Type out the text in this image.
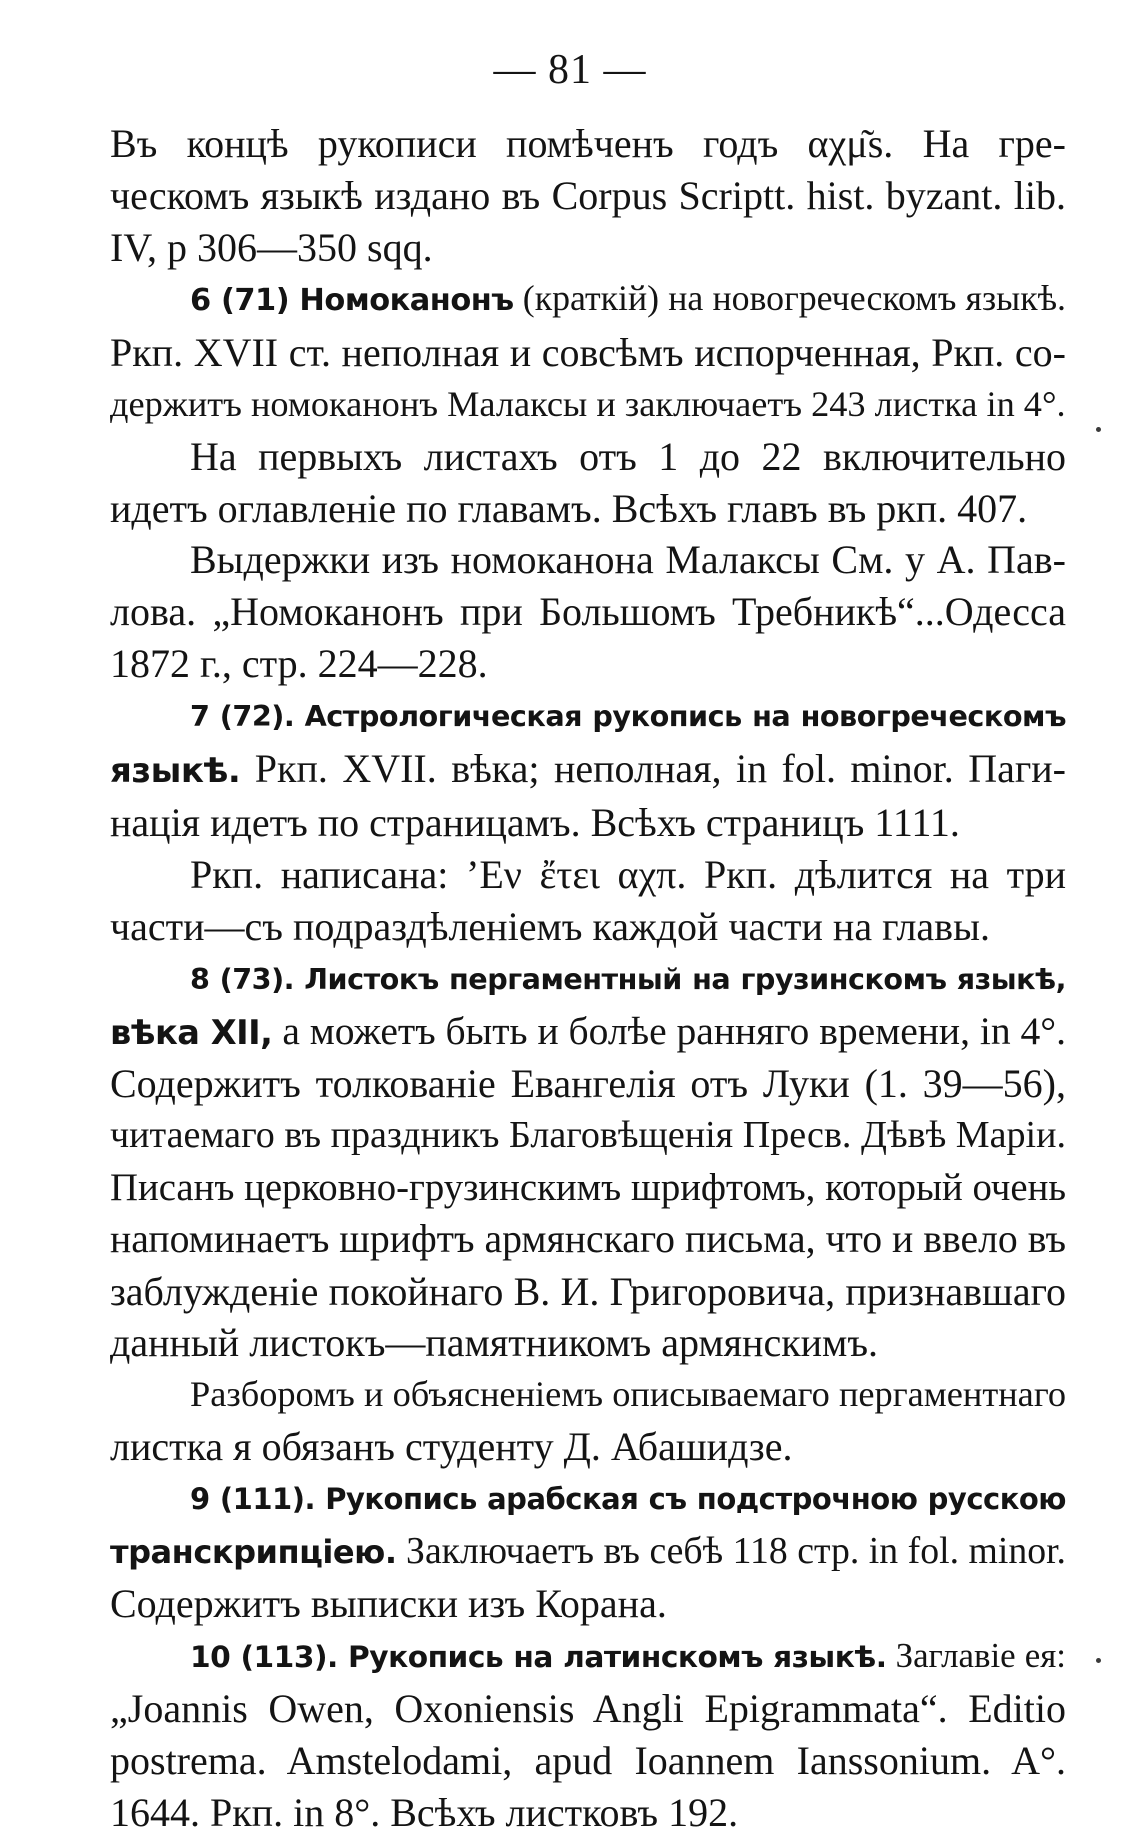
— 81 —
Въ концѣ рукописи помѣченъ годъ αχμ͂s. На гре-
ческомъ языкѣ издано въ Corpus Scriptt. hist. byzant. lib.
IV, p 306—350 sqq.
6 (71) Номоканонъ (краткій) на новогреческомъ языкѣ.
Ркп. XVII ст. неполная и совсѣмъ испорченная, Ркп. со-
держитъ номоканонъ Малаксы и заключаетъ 243 листка in 4°.
На первыхъ листахъ отъ 1 до 22 включительно
идетъ оглавленіе по главамъ. Всѣхъ главъ въ ркп. 407.
Выдержки изъ номоканона Малаксы См. у А. Пав-
лова. „Номоканонъ при Большомъ Требникѣ“...Одесса
1872 г., стр. 224—228.
7 (72). Астрологическая рукопись на новогреческомъ
языкѣ. Ркп. XVII. вѣка; неполная, in fol. minor. Паги-
нація идетъ по страницамъ. Всѣхъ страницъ 1111.
Ркп. написана: ’Εν ἔτει αχπ. Ркп. дѣлится на три
части—съ подраздѣленіемъ каждой части на главы.
8 (73). Листокъ пергаментный на грузинскомъ языкѣ,
вѣка XII, а можетъ быть и болѣе ранняго времени, in 4°.
Содержитъ толкованіе Евангелія отъ Луки (1. 39—56),
читаемаго въ праздникъ Благовѣщенія Пресв. Дѣвѣ Маріи.
Писанъ церковно-грузинскимъ шрифтомъ, который очень
напоминаетъ шрифтъ армянскаго письма, что и ввело въ
заблужденіе покойнаго В. И. Григоровича, признавшаго
данный листокъ—памятникомъ армянскимъ.
Разборомъ и объясненіемъ описываемаго пергаментнаго
листка я обязанъ студенту Д. Абашидзе.
9 (111). Рукопись арабская съ подстрочною русскою
транскрипціею. Заключаетъ въ себѣ 118 стр. in fol. minor.
Содержитъ выписки изъ Корана.
10 (113). Рукопись на латинскомъ языкѣ. Заглавіе ея:
„Joannis Owen, Oxoniensis Angli Epigrammata“. Editio
postrema. Amstelodami, apud Ioannem Ianssonium. A°.
1644. Ркп. in 8°. Всѣхъ листковъ 192.
